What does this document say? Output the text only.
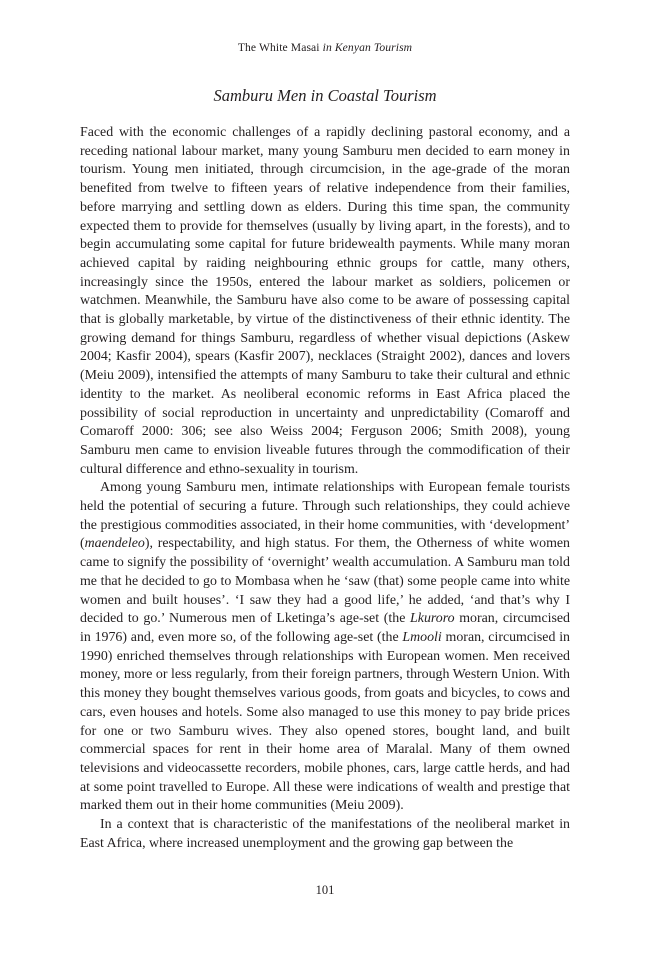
The White Masai in Kenyan Tourism
Samburu Men in Coastal Tourism

Faced with the economic challenges of a rapidly declining pastoral economy, and a receding national labour market, many young Samburu men decided to earn money in tourism. Young men initiated, through circumcision, in the age-grade of the moran benefited from twelve to fifteen years of relative independence from their families, before marrying and settling down as elders. During this time span, the community expected them to provide for themselves (usually by living apart, in the forests), and to begin accumulating some capital for future bridewealth payments. While many moran achieved capital by raiding neighbouring ethnic groups for cattle, many others, increasingly since the 1950s, entered the labour market as soldiers, policemen or watchmen. Meanwhile, the Samburu have also come to be aware of possessing capital that is globally marketable, by virtue of the distinctiveness of their ethnic identity. The growing demand for things Samburu, regardless of whether visual depictions (Askew 2004; Kasfir 2004), spears (Kasfir 2007), necklaces (Straight 2002), dances and lovers (Meiu 2009), intensified the attempts of many Samburu to take their cultural and ethnic identity to the market. As neoliberal economic reforms in East Africa placed the possibility of social reproduction in uncertainty and unpredictability (Comaroff and Comaroff 2000: 306; see also Weiss 2004; Ferguson 2006; Smith 2008), young Samburu men came to envision liveable futures through the commodification of their cultural difference and ethno-sexuality in tourism.

Among young Samburu men, intimate relationships with European female tourists held the potential of securing a future. Through such relationships, they could achieve the prestigious commodities associated, in their home communities, with ‘development’ (maendeleo), respectability, and high status. For them, the Otherness of white women came to signify the possibility of ‘overnight’ wealth accumulation. A Samburu man told me that he decided to go to Mombasa when he ‘saw (that) some people came into white women and built houses’. ‘I saw they had a good life,’ he added, ‘and that’s why I decided to go.’ Numerous men of Lketinga’s age-set (the Lkuroro moran, circumcised in 1976) and, even more so, of the following age-set (the Lmooli moran, circumcised in 1990) enriched themselves through relationships with European women. Men received money, more or less regularly, from their foreign partners, through Western Union. With this money they bought themselves various goods, from goats and bicycles, to cows and cars, even houses and hotels. Some also managed to use this money to pay bride prices for one or two Samburu wives. They also opened stores, bought land, and built commercial spaces for rent in their home area of Maralal. Many of them owned televisions and videocassette recorders, mobile phones, cars, large cattle herds, and had at some point travelled to Europe. All these were indications of wealth and prestige that marked them out in their home communities (Meiu 2009).

In a context that is characteristic of the manifestations of the neoliberal market in East Africa, where increased unemployment and the growing gap between the

101
